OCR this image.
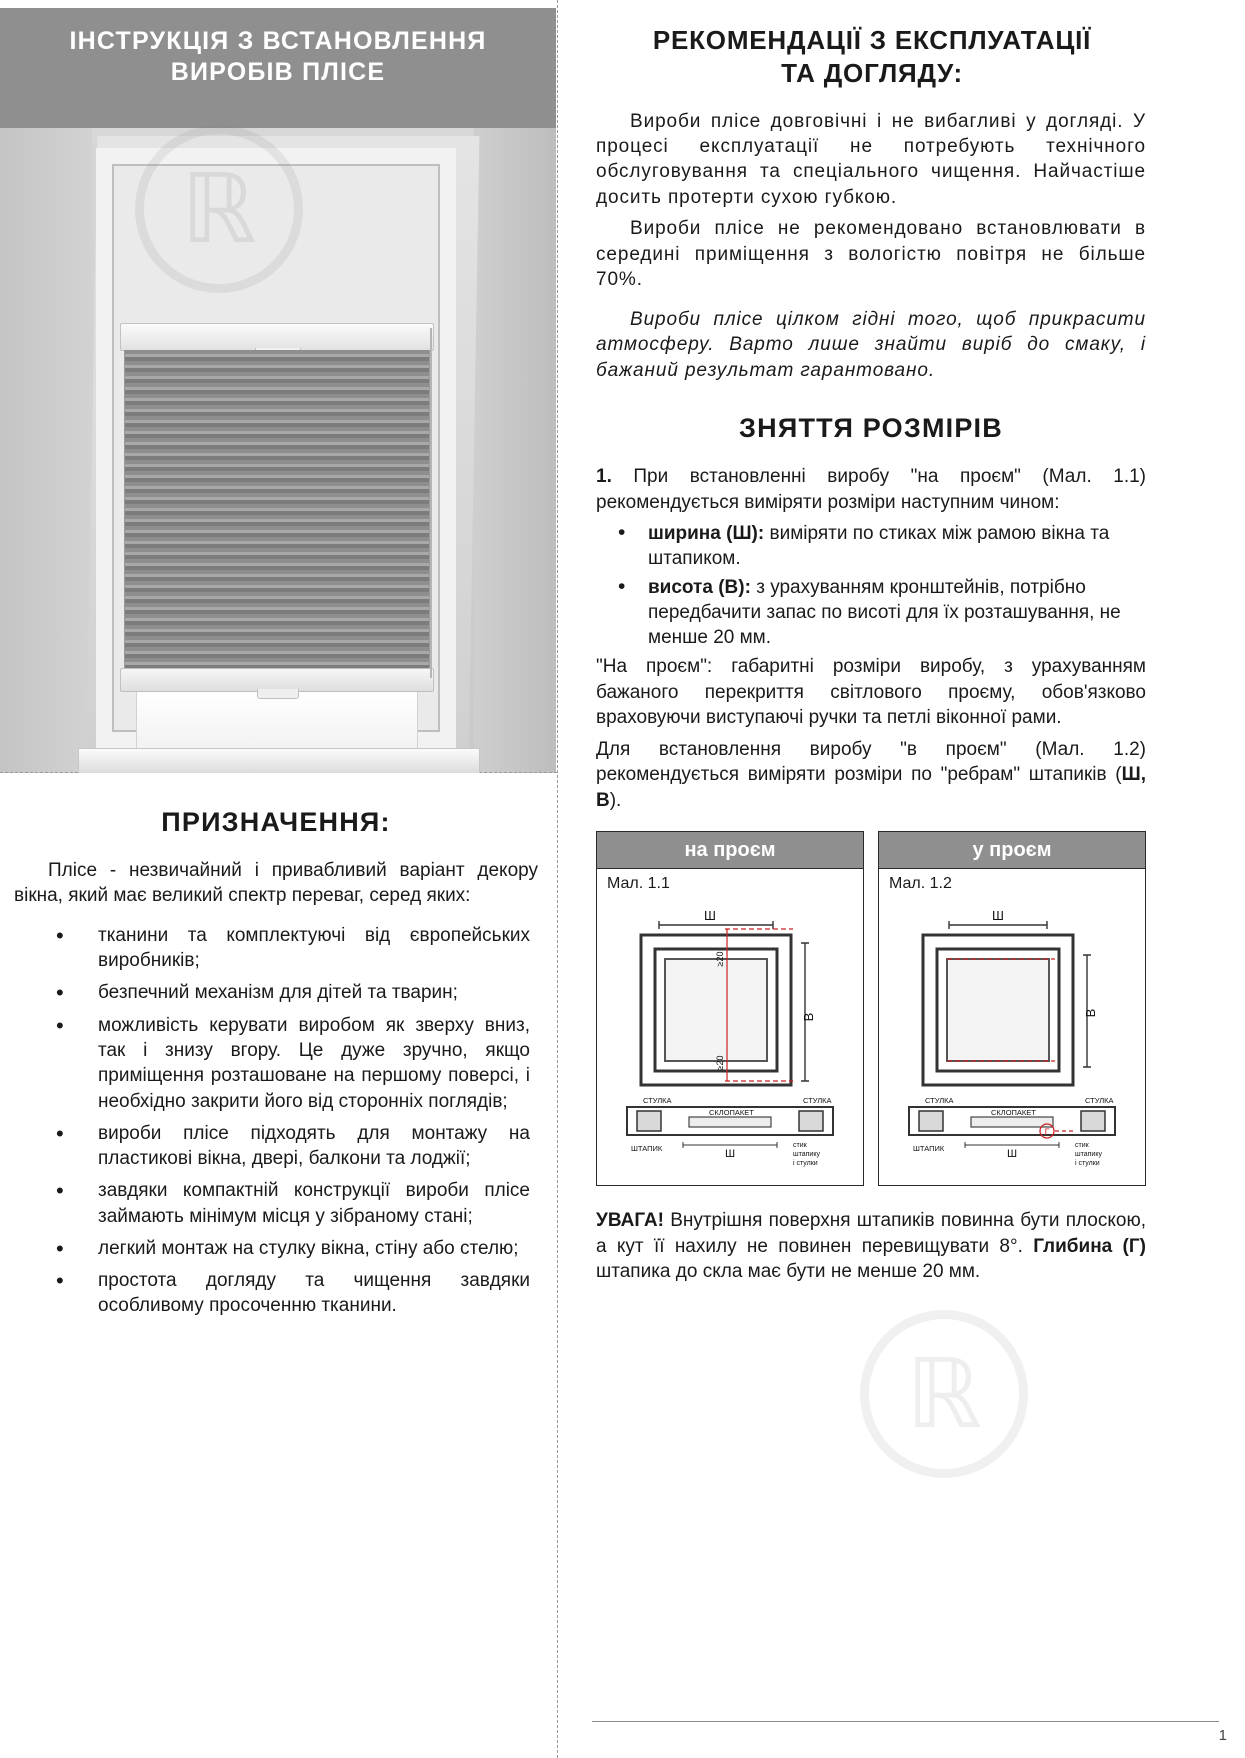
ℝ
ІНСТРУКЦІЯ З ВСТАНОВЛЕННЯ
ВИРОБІВ ПЛІСЕ
ПРИЗНАЧЕННЯ:

Пліcе - незвичайний і привабливий варіант декору вікна, який має великий спектр переваг, серед яких:

• тканини та комплектуючі від європейських виробників;
• безпечний механізм для дітей та тварин;
• можливість керувати виробом як зверху вниз, так і знизу вгору. Це дуже зручно, якщо приміщення розташоване на першому поверсі, і необхідно закрити його від сторонніх поглядів;
• вироби пліcе підходять для монтажу на пластикові вікна, двері, балкони та лоджії;
• завдяки компактній конструкції вироби пліcе займають мінімум місця у зібраному стані;
• легкий монтаж на стулку вікна, стіну або стелю;
• простота догляду та чищення завдяки особливому просоченню тканини.
РЕКОМЕНДАЦІЇ З ЕКСПЛУАТАЦІЇ
ТА ДОГЛЯДУ:

Вироби пліcе довговічні і не вибагливі у догляді. У процесі експлуатації не потребують технічного обслуговування та спеціального чищення. Найчастіше досить протерти сухою губкою.

Вироби пліcе не рекомендовано встановлювати в середині приміщення з вологістю повітря не більше 70%.

Вироби пліcе цілком гідні того, щоб прикрасити атмосферу. Варто лише знайти виріб до смаку, і бажаний результат гарантовано.

ЗНЯТТЯ РОЗМІРІВ

1. При встановленні виробу "на проєм" (Мал. 1.1) рекомендується виміряти розміри наступним чином:

• ширина (Ш): виміряти по стиках між рамою вікна та штапиком.
• висота (В): з урахуванням кронштейнів, потрібно передбачити запас по висоті для їх розташування, не менше 20 мм.

"На проєм": габаритні розміри виробу, з урахуванням бажаного перекриття світлового проєму, обов'язково враховуючи виступаючі ручки та петлі віконної рами.

Для встановлення виробу "в проєм" (Мал. 1.2) рекомендується виміряти розміри по "ребрам" штапиків (Ш, В).

на проєм
Мал. 1.1
Ш
В
≥20
≥20
СТУЛКА	СТУЛКА
СКЛОПАКЕТ
ШТАПИК	Ш
стик
штапику
і стулки
у проєм
Мал. 1.2
Ш
В
СТУЛКА	СТУЛКА
СКЛОПАКЕТ
ШТАПИК
Г
Ш
стик
штапику
і стулки

УВАГА! Внутрішня поверхня штапиків повинна бути плоскою, а кут її нахилу не повинен перевищувати 8°. Глибина (Г) штапика до скла має бути не менше 20 мм.

1
